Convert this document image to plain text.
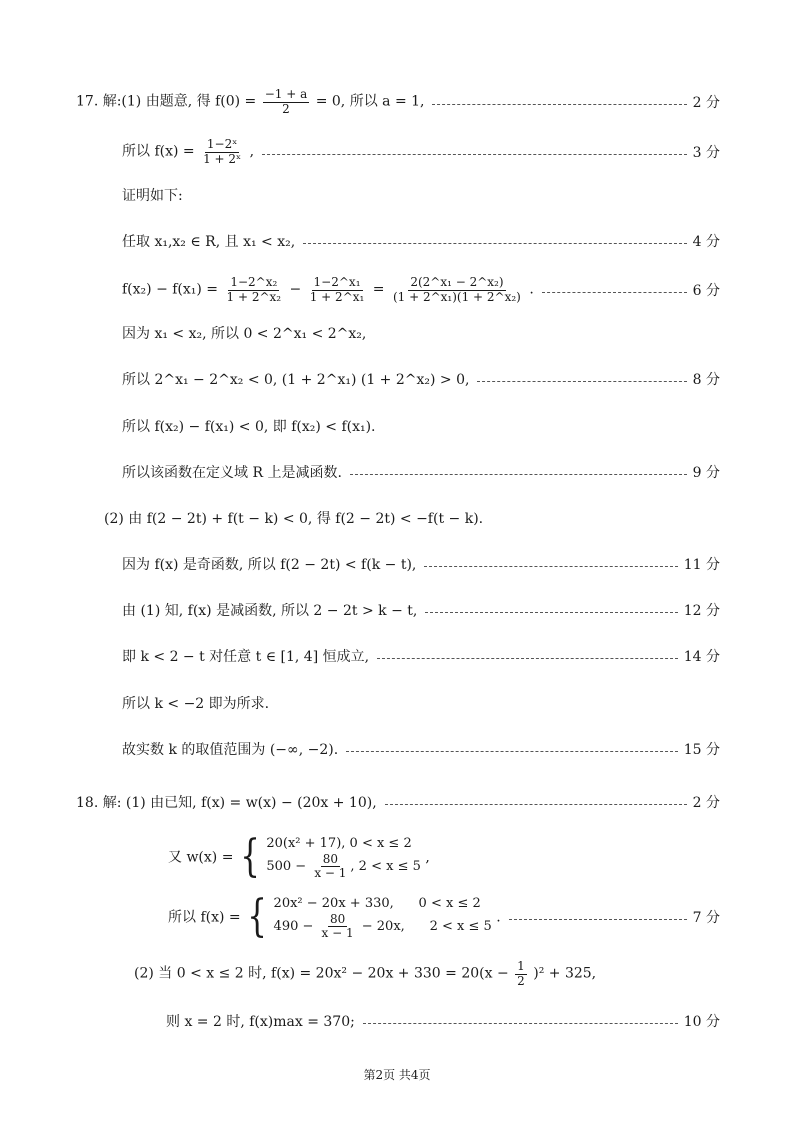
17. 解:(1) 由题意, 得 $f(0) = \frac{-1 + a}{2} = 0$, 所以 a = 1,	2 分
所以 $f(x) = \frac{\text{1−2ˣ}}{\text{1 + 2ˣ}}$ ,	3 分
证明如下:
任取 x₁,x₂ ∈ R, 且 x₁ < x₂,	4 分
$f(x_2) - f(x_1) = \frac{\text{1−2\textasciicircum{}x₂}}{\text{1 + 2\textasciicircum{}x₂}} - \frac{\text{1−2\textasciicircum{}x₁}}{\text{1 + 2\textasciicircum{}x₁}} = \frac{\text{2(2\textasciicircum{}x₁ − 2\textasciicircum{}x₂)}}{\text{(1 + 2\textasciicircum{}x₁)(1 + 2\textasciicircum{}x₂)}}$ .	6 分
因为 x₁ < x₂, 所以 0 < 2^x₁ < 2^x₂,
所以 2^x₁ − 2^x₂ < 0, (1 + 2^x₁) (1 + 2^x₂) > 0,	8 分
所以 f(x₂) − f(x₁) < 0, 即 f(x₂) < f(x₁).
所以该函数在定义域 R 上是减函数.	9 分
(2) 由 f(2 − 2t) + f(t − k) < 0, 得 f(2 − 2t) < −f(t − k).
因为 f(x) 是奇函数, 所以 f(2 − 2t) < f(k − t),	11 分
由 (1) 知, f(x) 是减函数, 所以 2 − 2t > k − t,	12 分
即 k < 2 − t 对任意 t ∈ [1, 4] 恒成立,	14 分
所以 k < −2 即为所求.
故实数 k 的取值范围为 (−∞, −2).	15 分
18. 解: (1) 由已知, f(x) = w(x) − (20x + 10),	2 分
又 w(x) = { 20(x² + 17), 0 < x ≤ 2
$500 - \frac{80}{x - 1}$ , 2 < x ≤ 5
,
所以 f(x) = { 20x² − 20x + 330,      0 < x ≤ 2
$490 - \frac{80}{x - 1} - 20x$,      2 < x ≤ 5
.	7 分
(2) 当 0 < x ≤ 2 时, $f(x) = 20x^2 - 20x + 330 = 20(x - \frac{1}{2} )^2 + 325$,
则 x = 2 时, f(x)max = 370;	10 分
第2页 共4页
